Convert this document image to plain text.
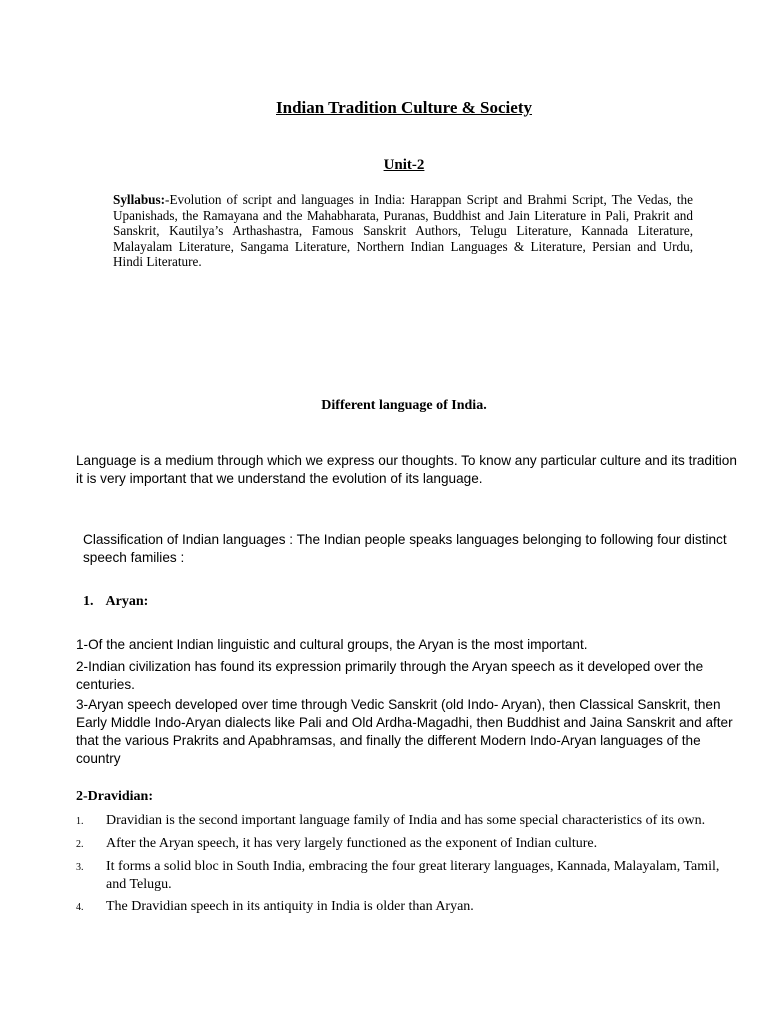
Indian Tradition Culture & Society
Unit-2
Syllabus:-Evolution of script and languages in India: Harappan Script and Brahmi Script, The Vedas, the Upanishads, the Ramayana and the Mahabharata, Puranas, Buddhist and Jain Literature in Pali, Prakrit and Sanskrit, Kautilya’s Arthashastra, Famous Sanskrit Authors, Telugu Literature, Kannada Literature, Malayalam Literature, Sangama Literature, Northern Indian Languages & Literature, Persian and Urdu, Hindi Literature.
Different language of India.
Language is a medium through which we express our thoughts. To know any particular culture and its tradition it is very important that we understand the evolution of its language.
Classification of Indian languages : The Indian people speaks languages belonging to following four distinct speech families :
1. Aryan:
1-Of the ancient Indian linguistic and cultural groups, the Aryan is the most important.
2-Indian civilization has found its expression primarily through the Aryan speech as it developed over the centuries.
3-Aryan speech developed over time through Vedic Sanskrit (old Indo- Aryan), then Classical Sanskrit, then Early Middle Indo-Aryan dialects like Pali and Old Ardha-Magadhi, then Buddhist and Jaina Sanskrit and after that the various Prakrits and Apabhramsas, and finally the different Modern Indo-Aryan languages of the country
2-Dravidian:
1.	Dravidian is the second important language family of India and has some special characteristics of its own.
2.	After the Aryan speech, it has very largely functioned as the exponent of Indian culture.
3.	It forms a solid bloc in South India, embracing the four great literary languages, Kannada, Malayalam, Tamil, and Telugu.
4.	The Dravidian speech in its antiquity in India is older than Aryan.
